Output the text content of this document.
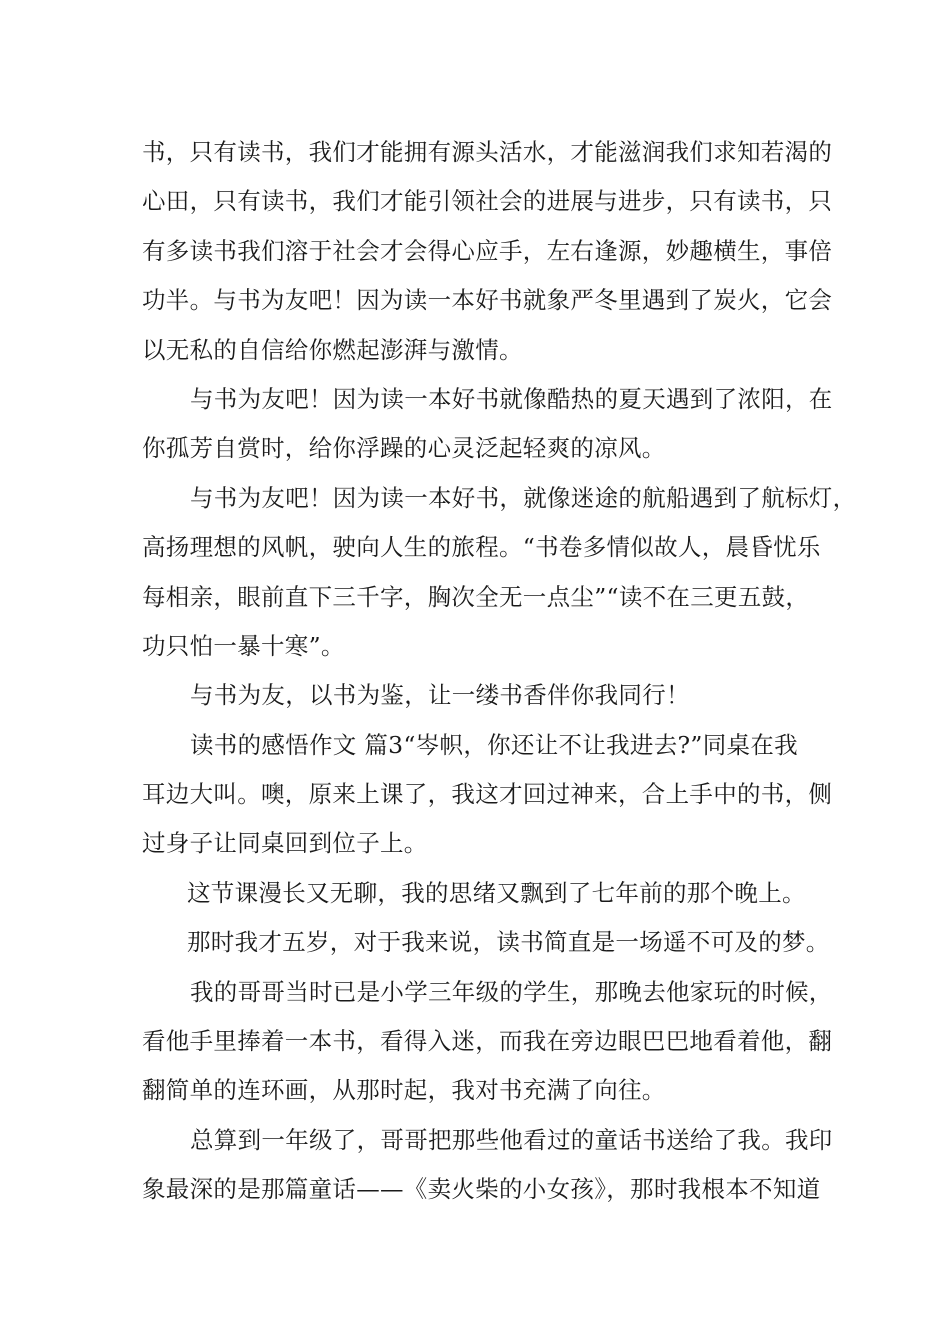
书，只有读书，我们才能拥有源头活水，才能滋润我们求知若渴的
心田，只有读书，我们才能引领社会的进展与进步，只有读书，只
有多读书我们溶于社会才会得心应手，左右逢源，妙趣横生，事倍
功半。与书为友吧！因为读一本好书就象严冬里遇到了炭火，它会
以无私的自信给你燃起澎湃与激情。
与书为友吧！因为读一本好书就像酷热的夏天遇到了浓阳，在
你孤芳自赏时，给你浮躁的心灵泛起轻爽的凉风。
与书为友吧！因为读一本好书，就像迷途的航船遇到了航标灯，
高扬理想的风帆，驶向人生的旅程。“书卷多情似故人，晨昏忧乐
每相亲，眼前直下三千字，胸次全无一点尘”“读不在三更五鼓，
功只怕一暴十寒”。
与书为友，以书为鉴，让一缕书香伴你我同行！
读书的感悟作文 篇3“岑帜，你还让不让我进去?”同桌在我
耳边大叫。噢，原来上课了，我这才回过神来，合上手中的书，侧
过身子让同桌回到位子上。
这节课漫长又无聊，我的思绪又飘到了七年前的那个晚上。
那时我才五岁，对于我来说，读书简直是一场遥不可及的梦。
我的哥哥当时已是小学三年级的学生，那晚去他家玩的时候，
看他手里捧着一本书，看得入迷，而我在旁边眼巴巴地看着他，翻
翻简单的连环画，从那时起，我对书充满了向往。
总算到一年级了，哥哥把那些他看过的童话书送给了我。我印
象最深的是那篇童话——《卖火柴的小女孩》，那时我根本不知道
